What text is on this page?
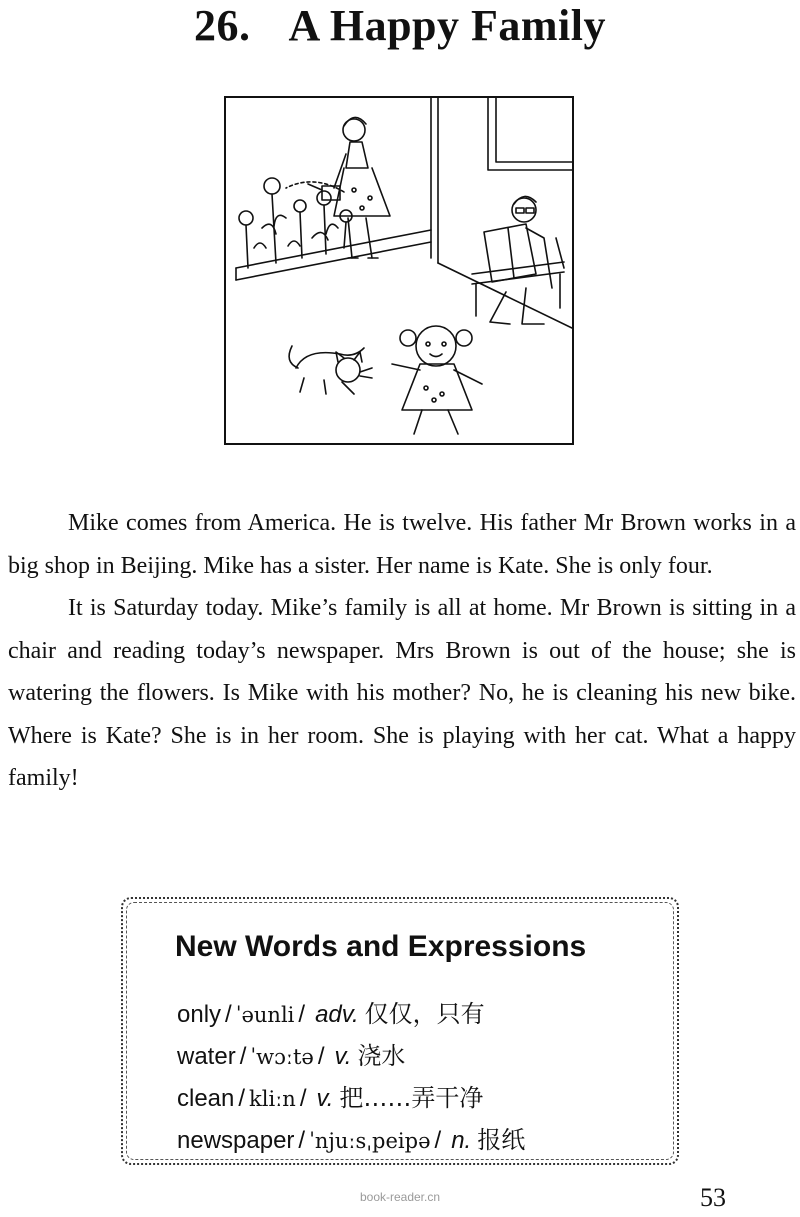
26. A Happy Family

Mike comes from America. He is twelve. His father Mr Brown works in a big shop in Beijing. Mike has a sister. Her name is Kate. She is only four.

It is Saturday today. Mike’s family is all at home. Mr Brown is sitting in a chair and reading today’s newspaper. Mrs Brown is out of the house; she is watering the flowers. Is Mike with his mother? No, he is cleaning his new bike. Where is Kate? She is in her room. She is playing with her cat. What a happy family!

New Words and Expressions
only / ˈəunli / adv. 仅仅，只有
water / ˈwɔːtə / v. 浇水
clean / kliːn / v. 把……弄干净
newspaper / ˈnjuːsˌpeipə / n. 报纸
book-reader.cn	53
